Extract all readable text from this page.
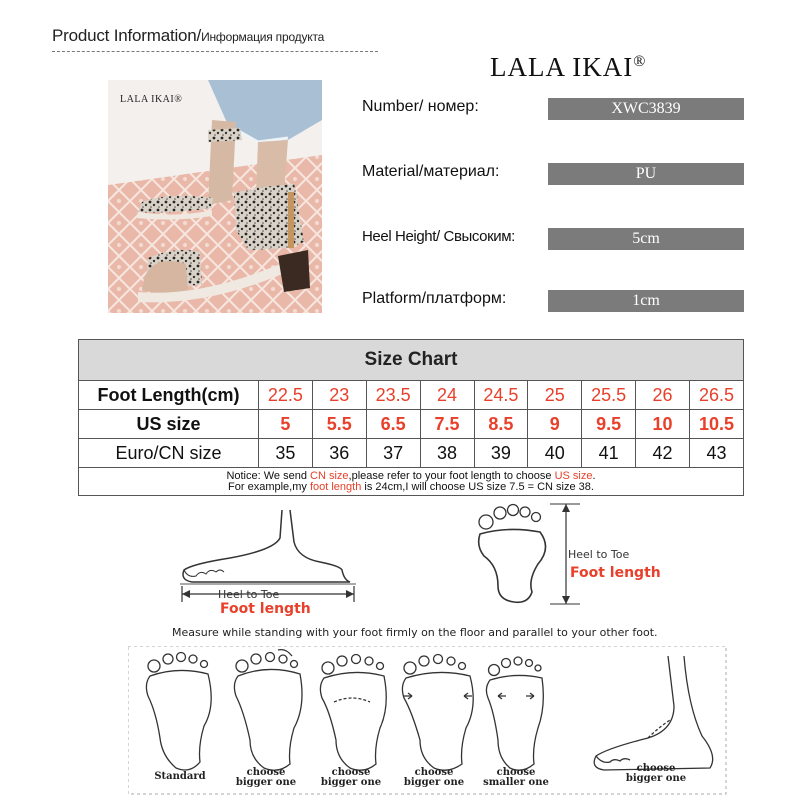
Product Information/Информация продукта
LALA IKAI®
LALA IKAI®	Number/ номер:	XWC3839
Material/материал:	PU
Heel Height/ Свысоким:	5cm
Platform/платформ:	1cm
Size Chart									
Foot Length(cm)	22.5	23	23.5	24	24.5	25	25.5	26	26.5
US size	5	5.5	6.5	7.5	8.5	9	9.5	10	10.5
Euro/CN size	35	36	37	38	39	40	41	42	43
Notice: We send CN size,please refer to your foot length to choose US size.
For example,my foot length is 24cm,I will choose US size 7.5 = CN size 38.									
Heel to Toe
Foot length
Heel to Toe
Foot length
Measure while standing with your foot firmly on the floor and parallel to your other foot.
Standard	choose
bigger one
choose
bigger one
choose
bigger one
choose
smaller one
choose
bigger one
